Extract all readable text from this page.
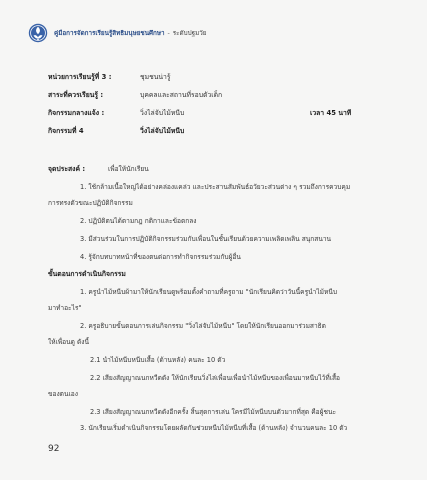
คู่มือการจัดการเรียนรู้สิทธิมนุษยชนศึกษา - ระดับปฐมวัย
หน่วยการเรียนรู้ที่ 3 :	ชุมชนน่ารู้
สาระที่ควรเรียนรู้ :	บุคคลและสถานที่รอบตัวเด็ก
กิจกรรมกลางแจ้ง :	วิ่งไล่จับไม้หนีบ	เวลา 45 นาที
กิจกรรมที่ 4	วิ่งไล่จับไม้หนีบ
จุดประสงค์ :	เพื่อให้นักเรียน
1. ใช้กล้ามเนื้อใหญ่ได้อย่างคล่องแคล่ว และประสานสัมพันธ์อวัยวะส่วนต่าง ๆ รวมถึงการควบคุม
การทรงตัวขณะปฏิบัติกิจกรรม
2. ปฏิบัติตนได้ตามกฎ กติกาและข้อตกลง
3. มีส่วนร่วมในการปฏิบัติกิจกรรมร่วมกับเพื่อนในชั้นเรียนด้วยความเพลิดเพลิน สนุกสนาน
4. รู้จักบทบาทหน้าที่ของตนต่อการทำกิจกรรมร่วมกับผู้อื่น
ขั้นตอนการดำเนินกิจกรรม
1. ครูนำไม้หนีบผ้ามาให้นักเรียนดูพร้อมตั้งคำถามที่ครูถาม "นักเรียนคิดว่าวันนี้ครูนำไม้หนีบ
มาทำอะไร"
2. ครูอธิบายขั้นตอนการเล่นกิจกรรม "วิ่งไล่จับไม้หนีบ" โดยให้นักเรียนออกมาร่วมสาธิต
ให้เพื่อนดู ดังนี้
2.1 นำไม้หนีบหนีบเสื้อ (ด้านหลัง) คนละ 10 ตัว
2.2 เสียงสัญญาณนกหวีดดัง ให้นักเรียนวิ่งไล่เพื่อนเพื่อนำไม้หนีบของเพื่อนมาหนีบไว้ที่เสื้อ
ของตนเอง
2.3 เสียงสัญญาณนกหวีดดังอีกครั้ง สิ้นสุดการเล่น ใครมีไม้หนีบบนตัวมากที่สุด คือผู้ชนะ
3. นักเรียนเริ่มดำเนินกิจกรรมโดยผลัดกันช่วยหนีบไม้หนีบที่เสื้อ (ด้านหลัง) จำนวนคนละ 10 ตัว
92
